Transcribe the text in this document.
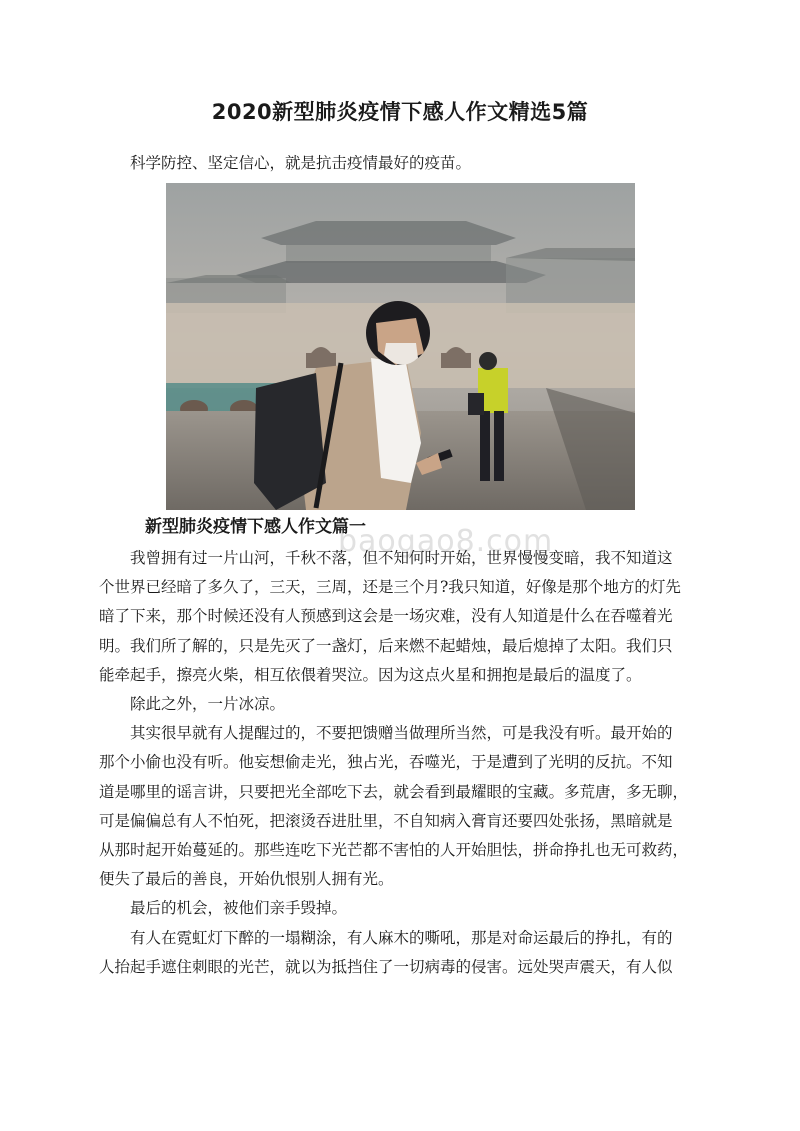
2020新型肺炎疫情下感人作文精选5篇
科学防控、坚定信心，就是抗击疫情最好的疫苗。
新型肺炎疫情下感人作文篇一
baogao8.com

我曾拥有过一片山河，千秋不落，但不知何时开始，世界慢慢变暗，我不知道这
个世界已经暗了多久了，三天，三周，还是三个月?我只知道，好像是那个地方的灯先
暗了下来，那个时候还没有人预感到这会是一场灾难，没有人知道是什么在吞噬着光
明。我们所了解的，只是先灭了一盏灯，后来燃不起蜡烛，最后熄掉了太阳。我们只
能牵起手，擦亮火柴，相互依偎着哭泣。因为这点火星和拥抱是最后的温度了。

除此之外，一片冰凉。

其实很早就有人提醒过的，不要把馈赠当做理所当然，可是我没有听。最开始的
那个小偷也没有听。他妄想偷走光，独占光，吞噬光，于是遭到了光明的反抗。不知
道是哪里的谣言讲，只要把光全部吃下去，就会看到最耀眼的宝藏。多荒唐，多无聊，
可是偏偏总有人不怕死，把滚烫吞进肚里，不自知病入膏肓还要四处张扬，黑暗就是
从那时起开始蔓延的。那些连吃下光芒都不害怕的人开始胆怯，拼命挣扎也无可救药，
便失了最后的善良，开始仇恨别人拥有光。

最后的机会，被他们亲手毁掉。

有人在霓虹灯下醉的一塌糊涂，有人麻木的嘶吼，那是对命运最后的挣扎，有的
人抬起手遮住刺眼的光芒，就以为抵挡住了一切病毒的侵害。远处哭声震天，有人似
